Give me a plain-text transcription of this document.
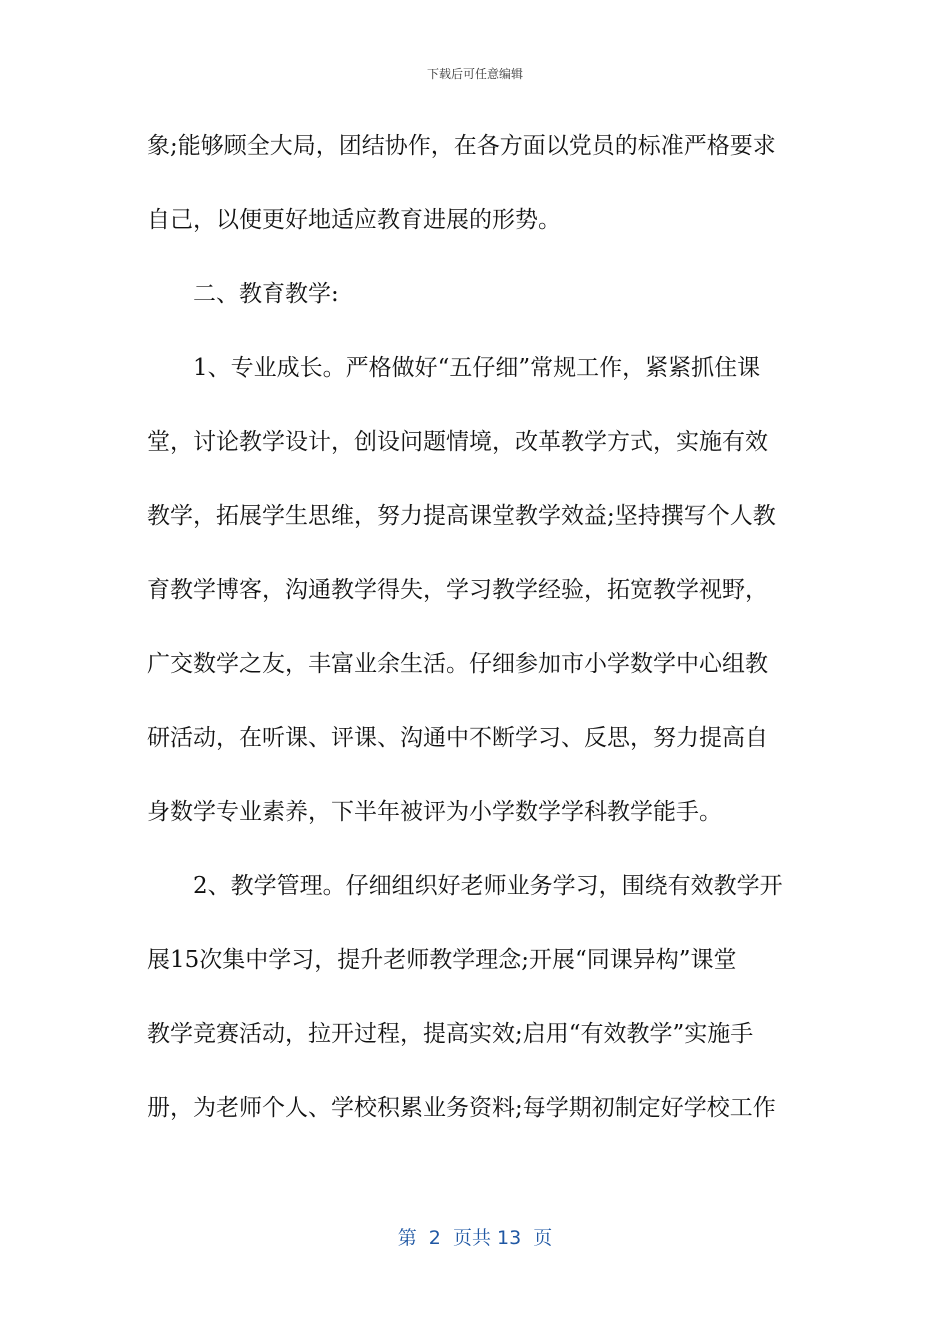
下载后可任意编辑
象;能够顾全大局，团结协作，在各方面以党员的标准严格要求
自己，以便更好地适应教育进展的形势。
二、教育教学:
1、专业成长。严格做好“五仔细”常规工作，紧紧抓住课
堂，讨论教学设计，创设问题情境，改革教学方式，实施有效
教学，拓展学生思维，努力提高课堂教学效益;坚持撰写个人教
育教学博客，沟通教学得失，学习教学经验，拓宽教学视野，
广交数学之友，丰富业余生活。仔细参加市小学数学中心组教
研活动，在听课、评课、沟通中不断学习、反思，努力提高自
身数学专业素养，下半年被评为小学数学学科教学能手。
2、教学管理。仔细组织好老师业务学习，围绕有效教学开
展15次集中学习，提升老师教学理念;开展“同课异构”课堂
教学竞赛活动，拉开过程，提高实效;启用“有效教学”实施手
册，为老师个人、学校积累业务资料;每学期初制定好学校工作
第  2  页共 13  页
